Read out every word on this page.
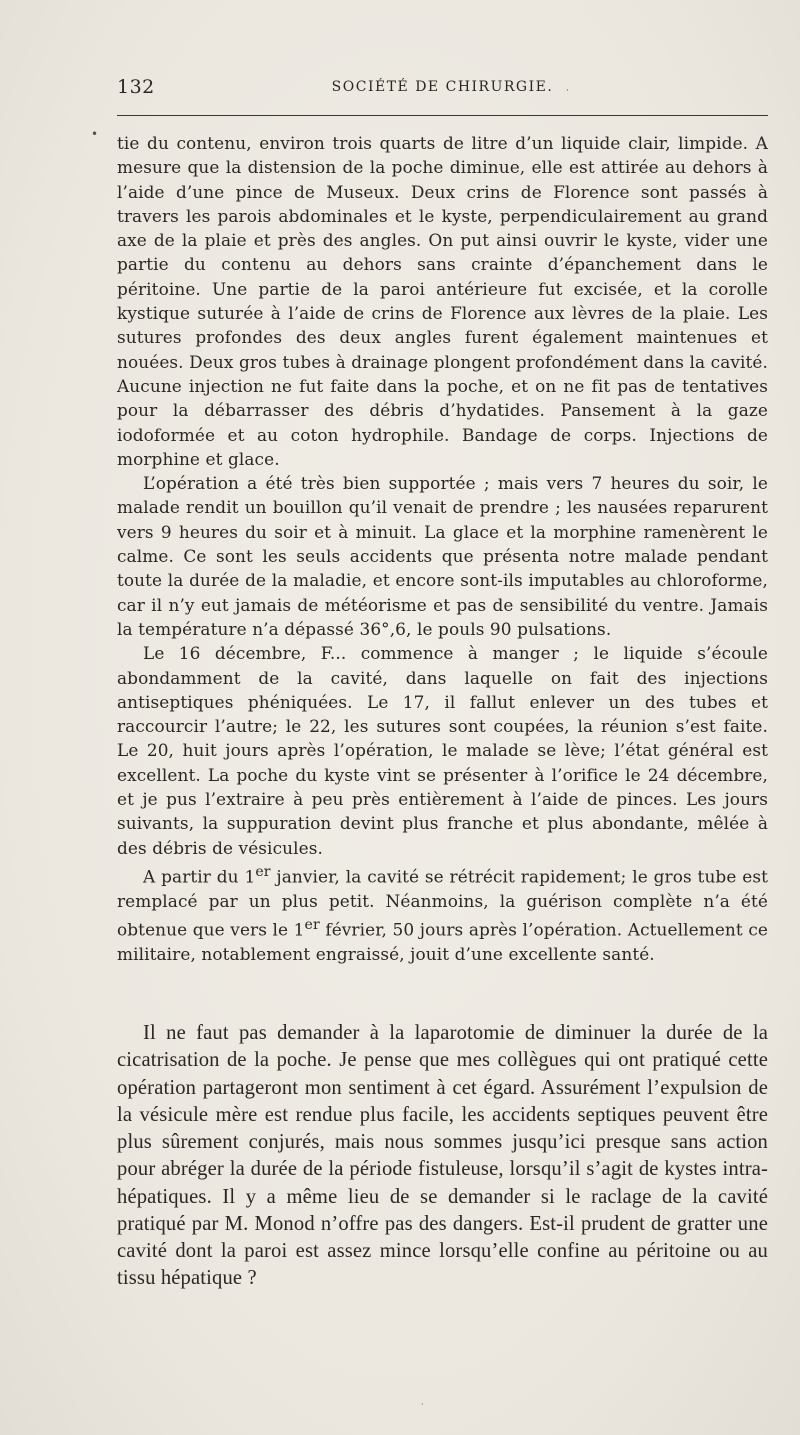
132	SOCIÉTÉ DE CHIRURGIE.
•
·
·

tie du contenu, environ trois quarts de litre d’un liquide clair, limpide. A mesure que la distension de la poche diminue, elle est attirée au dehors à l’aide d’une pince de Museux. Deux crins de Florence sont passés à travers les parois abdominales et le kyste, perpendiculairement au grand axe de la plaie et près des angles. On put ainsi ouvrir le kyste, vider une partie du contenu au dehors sans crainte d’épanchement dans le péritoine. Une partie de la paroi antérieure fut excisée, et la corolle kystique suturée à l’aide de crins de Florence aux lèvres de la plaie. Les sutures profondes des deux angles furent également maintenues et nouées. Deux gros tubes à drainage plongent profondément dans la cavité. Aucune injection ne fut faite dans la poche, et on ne fit pas de tentatives pour la débarrasser des débris d’hydatides. Pansement à la gaze iodoformée et au coton hydrophile. Bandage de corps. Injections de morphine et glace.

L’opération a été très bien supportée ; mais vers 7 heures du soir, le malade rendit un bouillon qu’il venait de prendre ; les nausées reparurent vers 9 heures du soir et à minuit. La glace et la morphine ramenèrent le calme. Ce sont les seuls accidents que présenta notre malade pendant toute la durée de la maladie, et encore sont-ils imputables au chloroforme, car il n’y eut jamais de météorisme et pas de sensibilité du ventre. Jamais la température n’a dépassé 36°,6, le pouls 90 pulsations.

Le 16 décembre, F... commence à manger ; le liquide s’écoule abondamment de la cavité, dans laquelle on fait des injections antiseptiques phéniquées. Le 17, il fallut enlever un des tubes et raccourcir l’autre; le 22, les sutures sont coupées, la réunion s’est faite. Le 20, huit jours après l’opération, le malade se lève; l’état général est excellent. La poche du kyste vint se présenter à l’orifice le 24 décembre, et je pus l’extraire à peu près entièrement à l’aide de pinces. Les jours suivants, la suppuration devint plus franche et plus abondante, mêlée à des débris de vésicules.

A partir du 1er janvier, la cavité se rétrécit rapidement; le gros tube est remplacé par un plus petit. Néanmoins, la guérison complète n’a été obtenue que vers le 1er février, 50 jours après l’opération. Actuellement ce militaire, notablement engraissé, jouit d’une excellente santé.

Il ne faut pas demander à la laparotomie de diminuer la durée de la cicatrisation de la poche. Je pense que mes collègues qui ont pratiqué cette opération partageront mon sentiment à cet égard. Assurément l’expulsion de la vésicule mère est rendue plus facile, les accidents septiques peuvent être plus sûrement conjurés, mais nous sommes jusqu’ici presque sans action pour abréger la durée de la période fistuleuse, lorsqu’il s’agit de kystes intra-hépatiques. Il y a même lieu de se demander si le raclage de la cavité pratiqué par M. Monod n’offre pas des dangers. Est-il prudent de gratter une cavité dont la paroi est assez mince lorsqu’elle confine au péritoine ou au tissu hépatique ?
